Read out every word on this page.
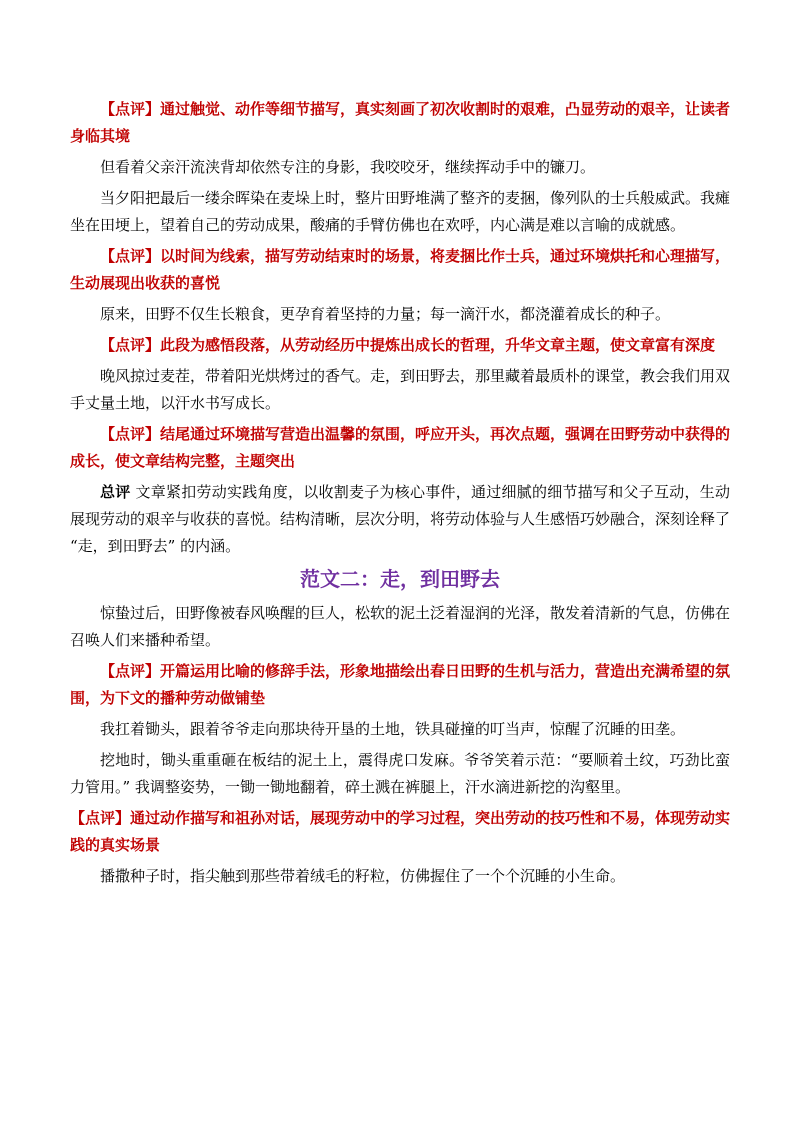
【点评】通过触觉、动作等细节描写，真实刻画了初次收割时的艰难，凸显劳动的艰辛，让读者身临其境

但看着父亲汗流浃背却依然专注的身影，我咬咬牙，继续挥动手中的镰刀。

当夕阳把最后一缕余晖染在麦垛上时，整片田野堆满了整齐的麦捆，像列队的士兵般威武。我瘫坐在田埂上，望着自己的劳动成果，酸痛的手臂仿佛也在欢呼，内心满是难以言喻的成就感。

【点评】以时间为线索，描写劳动结束时的场景，将麦捆比作士兵，通过环境烘托和心理描写，生动展现出收获的喜悦

原来，田野不仅生长粮食，更孕育着坚持的力量；每一滴汗水，都浇灌着成长的种子。

【点评】此段为感悟段落，从劳动经历中提炼出成长的哲理，升华文章主题，使文章富有深度

晚风掠过麦茬，带着阳光烘烤过的香气。走，到田野去，那里藏着最质朴的课堂，教会我们用双手丈量土地，以汗水书写成长。

【点评】结尾通过环境描写营造出温馨的氛围，呼应开头，再次点题，强调在田野劳动中获得的成长，使文章结构完整，主题突出

总评 文章紧扣劳动实践角度，以收割麦子为核心事件，通过细腻的细节描写和父子互动，生动展现劳动的艰辛与收获的喜悦。结构清晰，层次分明，将劳动体验与人生感悟巧妙融合，深刻诠释了 “走，到田野去” 的内涵。

范文二：走，到田野去

惊蛰过后，田野像被春风唤醒的巨人，松软的泥土泛着湿润的光泽，散发着清新的气息，仿佛在召唤人们来播种希望。

【点评】开篇运用比喻的修辞手法，形象地描绘出春日田野的生机与活力，营造出充满希望的氛围，为下文的播种劳动做铺垫

我扛着锄头，跟着爷爷走向那块待开垦的土地，铁具碰撞的叮当声，惊醒了沉睡的田垄。

挖地时，锄头重重砸在板结的泥土上，震得虎口发麻。爷爷笑着示范：“要顺着土纹，巧劲比蛮力管用。” 我调整姿势，一锄一锄地翻着，碎土溅在裤腿上，汗水滴进新挖的沟壑里。

【点评】通过动作描写和祖孙对话，展现劳动中的学习过程，突出劳动的技巧性和不易，体现劳动实践的真实场景

播撒种子时，指尖触到那些带着绒毛的籽粒，仿佛握住了一个个沉睡的小生命。
